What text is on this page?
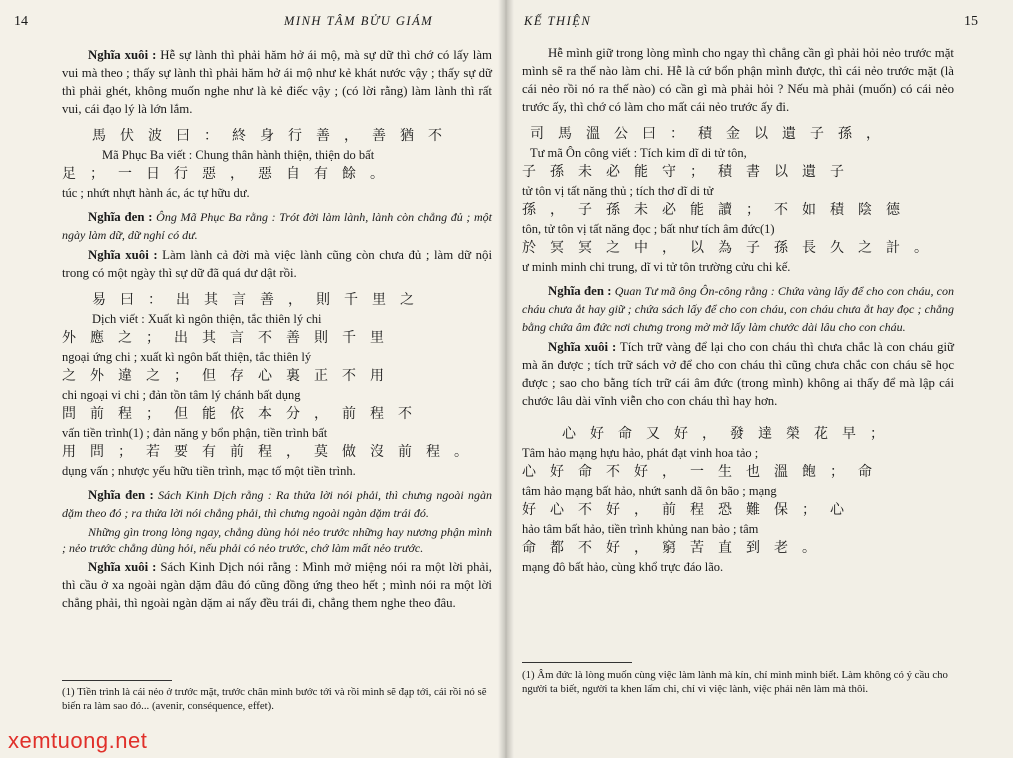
14	MINH TÂM BỬU GIÁM

Nghĩa xuôi : Hễ sự lành thì phải hăm hở ái mộ, mà sự dữ thì chớ có lấy làm vui mà theo ; thấy sự lành thì phải hăm hở ái mộ như kẻ khát nước vậy ; thấy sự dữ thì phải ghét, không muốn nghe như là kẻ điếc vậy ; (có lời rằng) làm lành thì rất vui, cái đạo lý là lớn lắm.

馬伏波曰：終身行善，善猶不
Mã Phục Ba viết : Chung thân hành thiện, thiện do bất
足；一日行惡，惡自有餘。
túc ; nhứt nhựt hành ác, ác tự hữu dư.

Nghĩa đen : Ông Mã Phục Ba rằng : Trót đời làm lành, lành còn chẳng đủ ; một ngày làm dữ, dữ nghỉ có dư.

Nghĩa xuôi : Làm lành cả đời mà việc lành cũng còn chưa đủ ; làm dữ nội trong có một ngày thì sự dữ đã quá dư dật rồi.

易曰：出其言善，則千里之
Dịch viết : Xuất kì ngôn thiện, tắc thiên lý chi
外應之；出其言不善則千里
ngoại ứng chi ; xuất kì ngôn bất thiện, tắc thiên lý
之外違之；但存心裏正不用
chi ngoại vi chi ; đản tồn tâm lý chánh bất dụng
問前程；但能依本分，前程不
vấn tiền trình(1) ; đản năng y bổn phận, tiền trình bất
用問；若要有前程，莫做沒前程。
dụng vấn ; nhược yếu hữu tiền trình, mạc tố một tiền trình.

Nghĩa đen : Sách Kinh Dịch rằng : Ra thửa lời nói phải, thì chưng ngoài ngàn dặm theo đó ; ra thửa lời nói chẳng phải, thì chưng ngoài ngàn dặm trái đó.

Những gìn trong lòng ngay, chẳng dùng hỏi nẻo trước những hay nương phận mình ; nẻo trước chẳng dùng hỏi, nếu phải có nẻo trước, chớ làm mất nẻo trước.

Nghĩa xuôi : Sách Kinh Dịch nói rằng : Mình mở miệng nói ra một lời phải, thì cầu ở xa ngoài ngàn dặm đâu đó cũng đồng ứng theo hết ; mình nói ra một lời chẳng phải, thì ngoài ngàn dặm ai nấy đều trái đi, chẳng them nghe theo đâu.

(1) Tiền trình là cái nẻo ở trước mặt, trước chân mình bước tới và rồi mình sẽ đạp tới, cái rồi nó sẽ biến ra làm sao đó... (avenir, conséquence, effet).
KẾ THIỆN	15

Hễ mình giữ trong lòng mình cho ngay thì chẳng cần gì phải hỏi nẻo trước mặt mình sẽ ra thế nào làm chi. Hễ là cứ bổn phận mình được, thì cái nẻo trước mặt (là cái nẻo rồi nó ra thế nào) có cần gì mà phải hỏi ? Nếu mà phải (muốn) có cái nẻo trước ấy, thì chớ có làm cho mất cái nẻo trước ấy đi.

司馬溫公曰：積金以遺子孫，
Tư mã Ôn công viết : Tích kim dĩ di tử tôn,
子孫未必能守；積書以遺子
tử tôn vị tất năng thủ ; tích thơ dĩ di tử
孫，子孫未必能讀；不如積陰德
tôn, tử tôn vị tất năng đọc ; bất như tích âm đức(1)
於冥冥之中，以為子孫長久之計。
ư minh minh chi trung, dĩ vi tử tôn trường cửu chi kế.

Nghĩa đen : Quan Tư mã ông Ôn-công rằng : Chứa vàng lấy để cho con cháu, con cháu chưa ắt hay giữ ; chứa sách lấy để cho con cháu, con cháu chưa ắt hay đọc ; chẳng bằng chứa âm đức nơi chưng trong mờ mờ lấy làm chước dài lâu cho con cháu.

Nghĩa xuôi : Tích trữ vàng để lại cho con cháu thì chưa chắc là con cháu giữ mà ăn được ; tích trữ sách vở để cho con cháu thì cũng chưa chắc con cháu sẽ học được ; sao cho bằng tích trữ cái âm đức (trong mình) không ai thấy để mà lập cái chước lâu dài vĩnh viễn cho con cháu thì hay hơn.

心好命又好，發達榮花早；
Tâm hảo mạng hựu hảo, phát đạt vinh hoa tảo ;
心好命不好，一生也溫飽；命
tâm hảo mạng bất hảo, nhứt sanh dã ôn bão ; mạng
好心不好，前程恐難保；心
hảo tâm bất hảo, tiền trình khủng nan bảo ; tâm
命都不好，窮苦直到老。
mạng đô bất hảo, cùng khổ trực đáo lão.
(1) Âm đức là lòng muốn cùng việc làm lành mà kín, chỉ mình mình biết. Làm không có ý cầu cho người ta biết, người ta khen lấm chi, chỉ vì việc lành, việc phải nên làm mà thôi.
xemtuong.net
